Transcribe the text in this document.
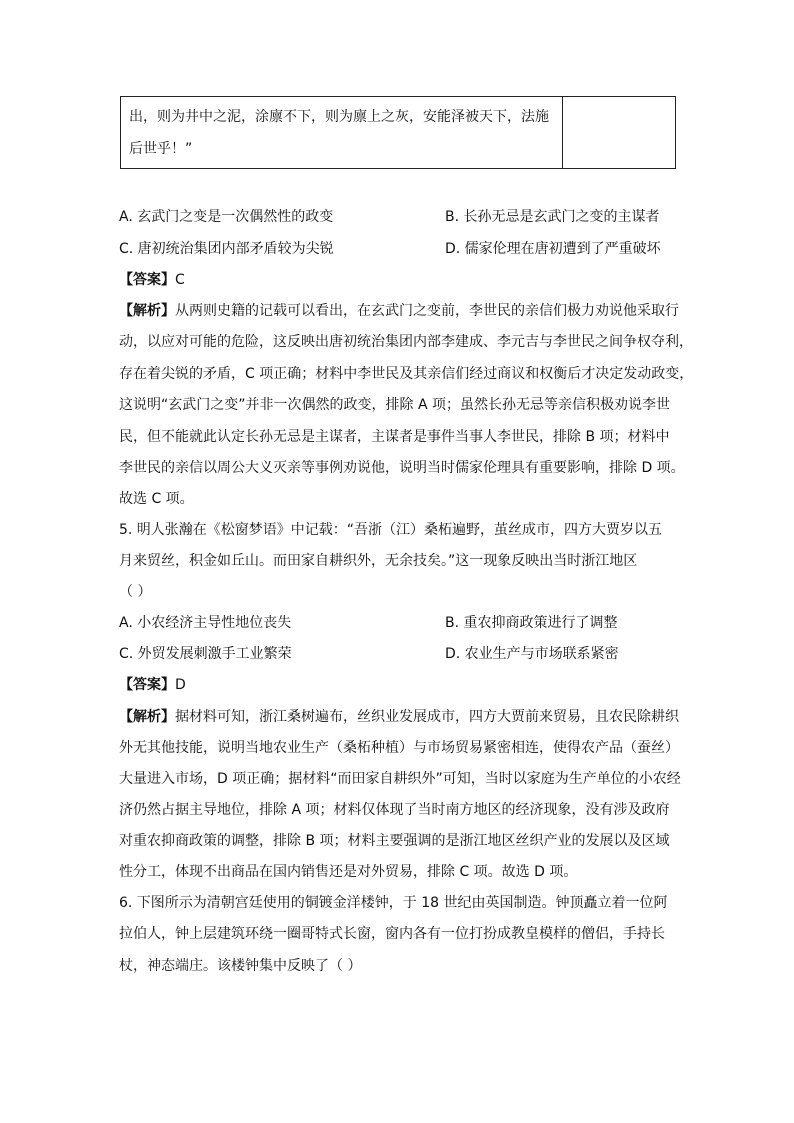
出，则为井中之泥，涂廪不下，则为廪上之灰，安能泽被天下，法施
后世乎！”
A. 玄武门之变是一次偶然性的政变	B. 长孙无忌是玄武门之变的主谋者
C. 唐初统治集团内部矛盾较为尖锐	D. 儒家伦理在唐初遭到了严重破坏
【答案】C
【解析】从两则史籍的记载可以看出，在玄武门之变前，李世民的亲信们极力劝说他采取行
动，以应对可能的危险，这反映出唐初统治集团内部李建成、李元吉与李世民之间争权夺利，
存在着尖锐的矛盾，C 项正确；材料中李世民及其亲信们经过商议和权衡后才决定发动政变，
这说明“玄武门之变”并非一次偶然的政变，排除 A 项；虽然长孙无忌等亲信积极劝说李世
民，但不能就此认定长孙无忌是主谋者，主谋者是事件当事人李世民，排除 B 项；材料中
李世民的亲信以周公大义灭亲等事例劝说他，说明当时儒家伦理具有重要影响，排除 D 项。
故选 C 项。
5. 明人张瀚在《松窗梦语》中记载：“吾浙（江）桑柘遍野，茧丝成市，四方大贾岁以五
月来贸丝，积金如丘山。而田家自耕织外，无余技矣。”这一现象反映出当时浙江地区
（ ）
A. 小农经济主导性地位丧失	B. 重农抑商政策进行了调整
C. 外贸发展刺激手工业繁荣	D. 农业生产与市场联系紧密
【答案】D
【解析】据材料可知，浙江桑树遍布，丝织业发展成市，四方大贾前来贸易，且农民除耕织
外无其他技能，说明当地农业生产（桑柘种植）与市场贸易紧密相连，使得农产品（蚕丝）
大量进入市场，D 项正确；据材料“而田家自耕织外”可知，当时以家庭为生产单位的小农经
济仍然占据主导地位，排除 A 项；材料仅体现了当时南方地区的经济现象，没有涉及政府
对重农抑商政策的调整，排除 B 项；材料主要强调的是浙江地区丝织产业的发展以及区域
性分工，体现不出商品在国内销售还是对外贸易，排除 C 项。故选 D 项。
6. 下图所示为清朝宫廷使用的铜镀金洋楼钟，于 18 世纪由英国制造。钟顶矗立着一位阿
拉伯人，钟上层建筑环绕一圈哥特式长窗，窗内各有一位打扮成教皇模样的僧侣，手持长
杖，神态端庄。该楼钟集中反映了（ ）
